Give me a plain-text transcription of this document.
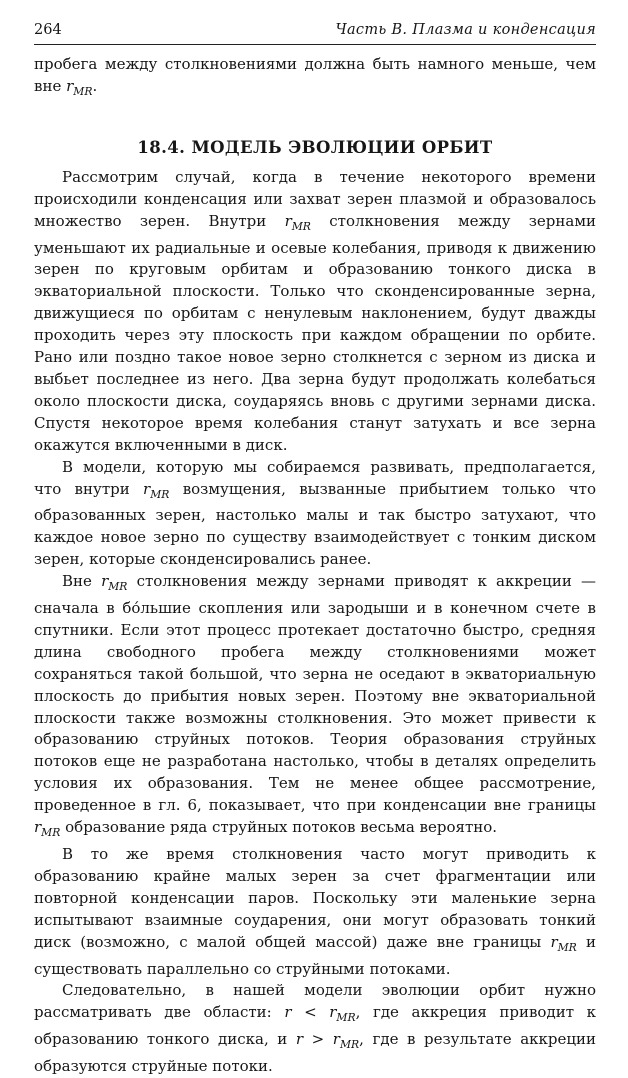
264	Часть В. Плазма и конденсация

пробега между столкновениями должна быть намного меньше, чем вне $r_{MR}$.

18.4. МОДЕЛЬ ЭВОЛЮЦИИ ОРБИТ

Рассмотрим случай, когда в течение некоторого времени происходили конденсация или захват зерен плазмой и образовалось множество зерен. Внутри $r_{MR}$ столкновения между зернами уменьшают их радиальные и осевые колебания, приводя к движению зерен по круговым орбитам и образованию тонкого диска в экваториальной плоскости. Только что сконденсированные зерна, движущиеся по орбитам с ненулевым наклонением, будут дважды проходить через эту плоскость при каждом обращении по орбите. Рано или поздно такое новое зерно столкнется с зерном из диска и выбьет последнее из него. Два зерна будут продолжать колебаться около плоскости диска, соударяясь вновь с другими зернами диска. Спустя некоторое время колебания станут затухать и все зерна окажутся включенными в диск.

В модели, которую мы собираемся развивать, предполагается, что внутри $r_{MR}$ возмущения, вызванные прибытием только что образованных зерен, настолько малы и так быстро затухают, что каждое новое зерно по существу взаимодействует с тонким диском зерен, которые сконденсировались ранее.

Вне $r_{MR}$ столкновения между зернами приводят к аккреции — сначала в бо́льшие скопления или зародыши и в конечном счете в спутники. Если этот процесс протекает достаточно быстро, средняя длина свободного пробега между столкновениями может сохраняться такой большой, что зерна не оседают в экваториальную плоскость до прибытия новых зерен. Поэтому вне экваториальной плоскости также возможны столкновения. Это может привести к образованию струйных потоков. Теория образования струйных потоков еще не разработана настолько, чтобы в деталях определить условия их образования. Тем не менее общее рассмотрение, проведенное в гл. 6, показывает, что при конденсации вне границы $r_{MR}$ образование ряда струйных потоков весьма вероятно.

В то же время столкновения часто могут приводить к образованию крайне малых зерен за счет фрагментации или повторной конденсации паров. Поскольку эти маленькие зерна испытывают взаимные соударения, они могут образовать тонкий диск (возможно, с малой общей массой) даже вне границы $r_{MR}$ и существовать параллельно со струйными потоками.

Следовательно, в нашей модели эволюции орбит нужно рассматривать две области: $r < r_{MR}$, где аккреция приводит к образованию тонкого диска, и $r > r_{MR}$, где в результате аккреции образуются струйные потоки.
